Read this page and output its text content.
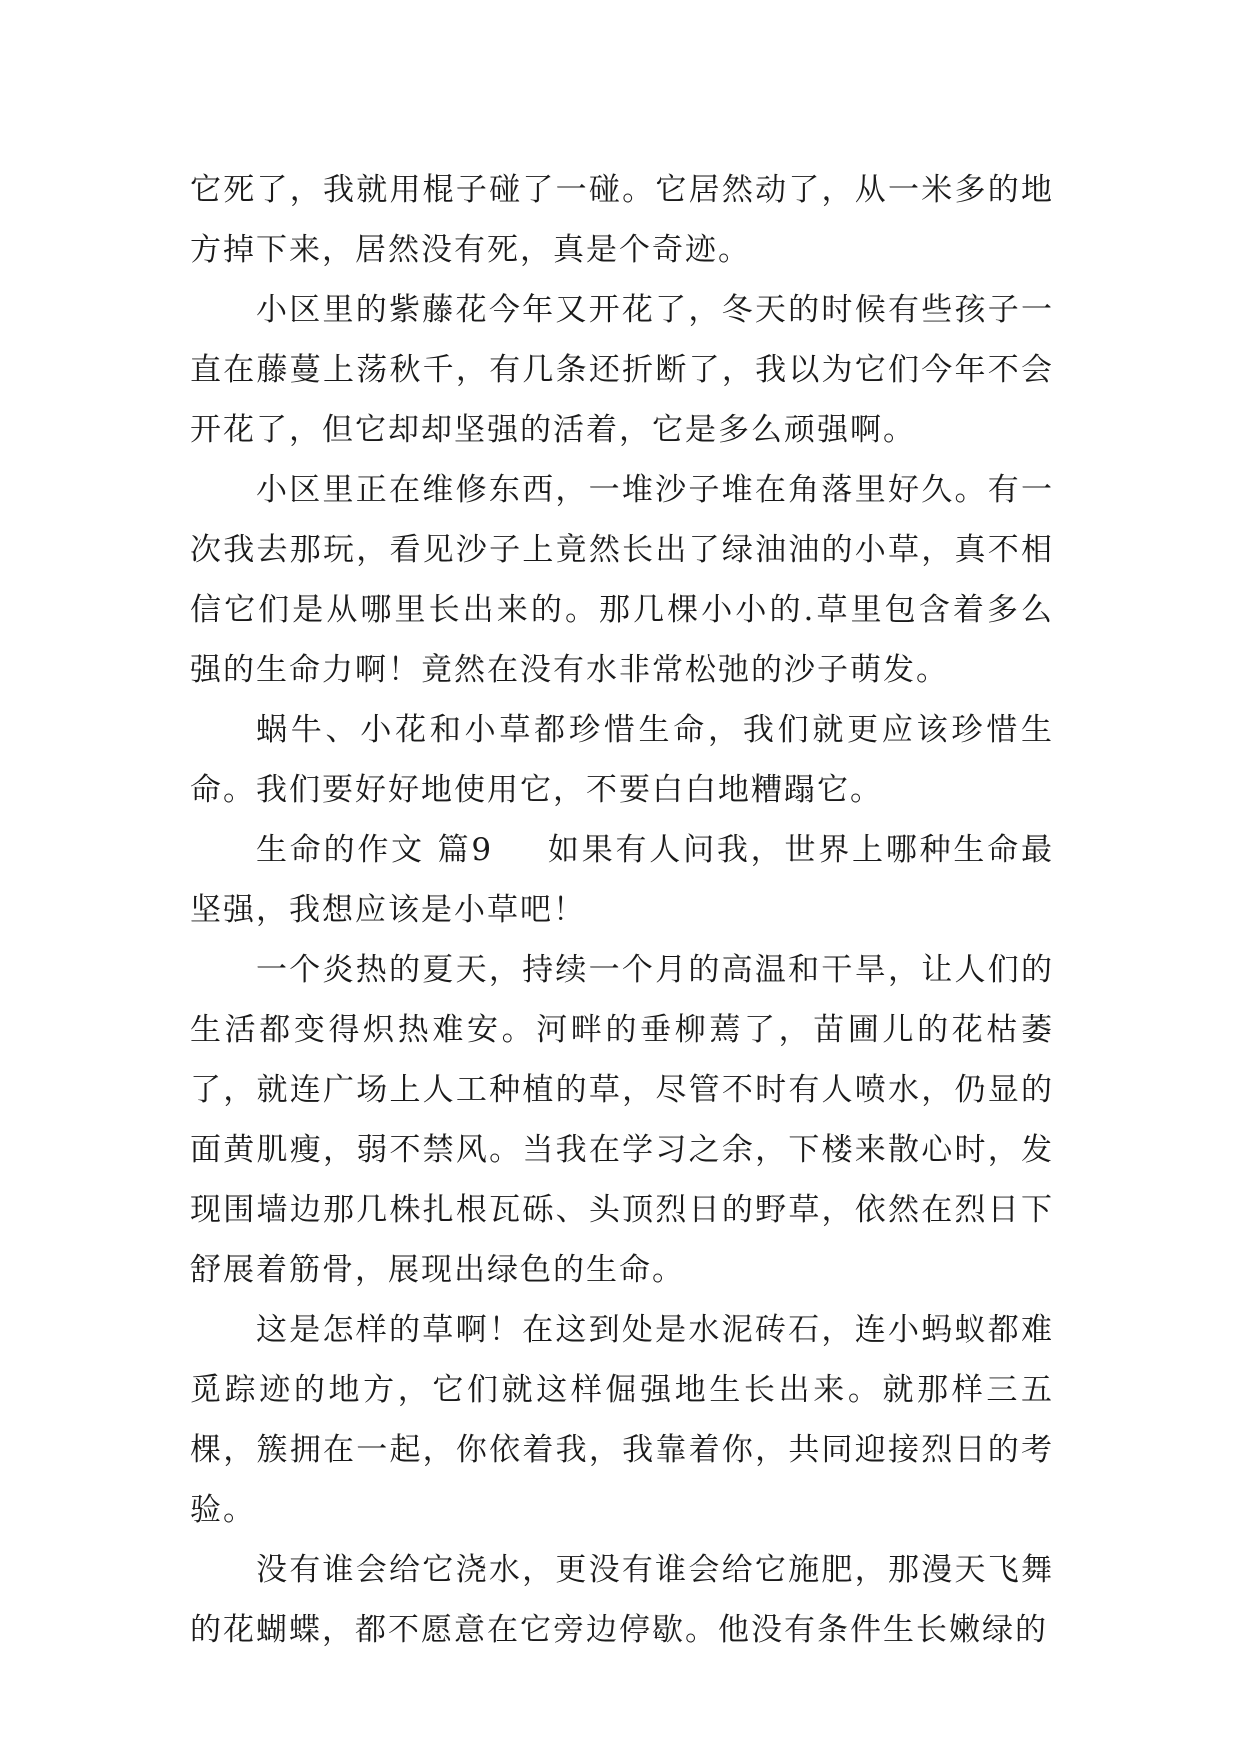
它死了，我就用棍子碰了一碰。它居然动了，从一米多的地方掉下来，居然没有死，真是个奇迹。

小区里的紫藤花今年又开花了，冬天的时候有些孩子一直在藤蔓上荡秋千，有几条还折断了，我以为它们今年不会开花了，但它却却坚强的活着，它是多么顽强啊。

小区里正在维修东西，一堆沙子堆在角落里好久。有一次我去那玩，看见沙子上竟然长出了绿油油的小草，真不相信它们是从哪里长出来的。那几棵小小的.草里包含着多么强的生命力啊！竟然在没有水非常松弛的沙子萌发。

蜗牛、小花和小草都珍惜生命，我们就更应该珍惜生命。我们要好好地使用它，不要白白地糟蹋它。

生命的作文 篇9 如果有人问我，世界上哪种生命最坚强，我想应该是小草吧！

一个炎热的夏天，持续一个月的高温和干旱，让人们的生活都变得炽热难安。河畔的垂柳蔫了，苗圃儿的花枯萎了，就连广场上人工种植的草，尽管不时有人喷水，仍显的面黄肌瘦，弱不禁风。当我在学习之余，下楼来散心时，发现围墙边那几株扎根瓦砾、头顶烈日的野草，依然在烈日下舒展着筋骨，展现出绿色的生命。

这是怎样的草啊！在这到处是水泥砖石，连小蚂蚁都难觅踪迹的地方，它们就这样倔强地生长出来。就那样三五棵，簇拥在一起，你依着我，我靠着你，共同迎接烈日的考验。

没有谁会给它浇水，更没有谁会给它施肥，那漫天飞舞的花蝴蝶，都不愿意在它旁边停歇。他没有条件生长嫩绿的
